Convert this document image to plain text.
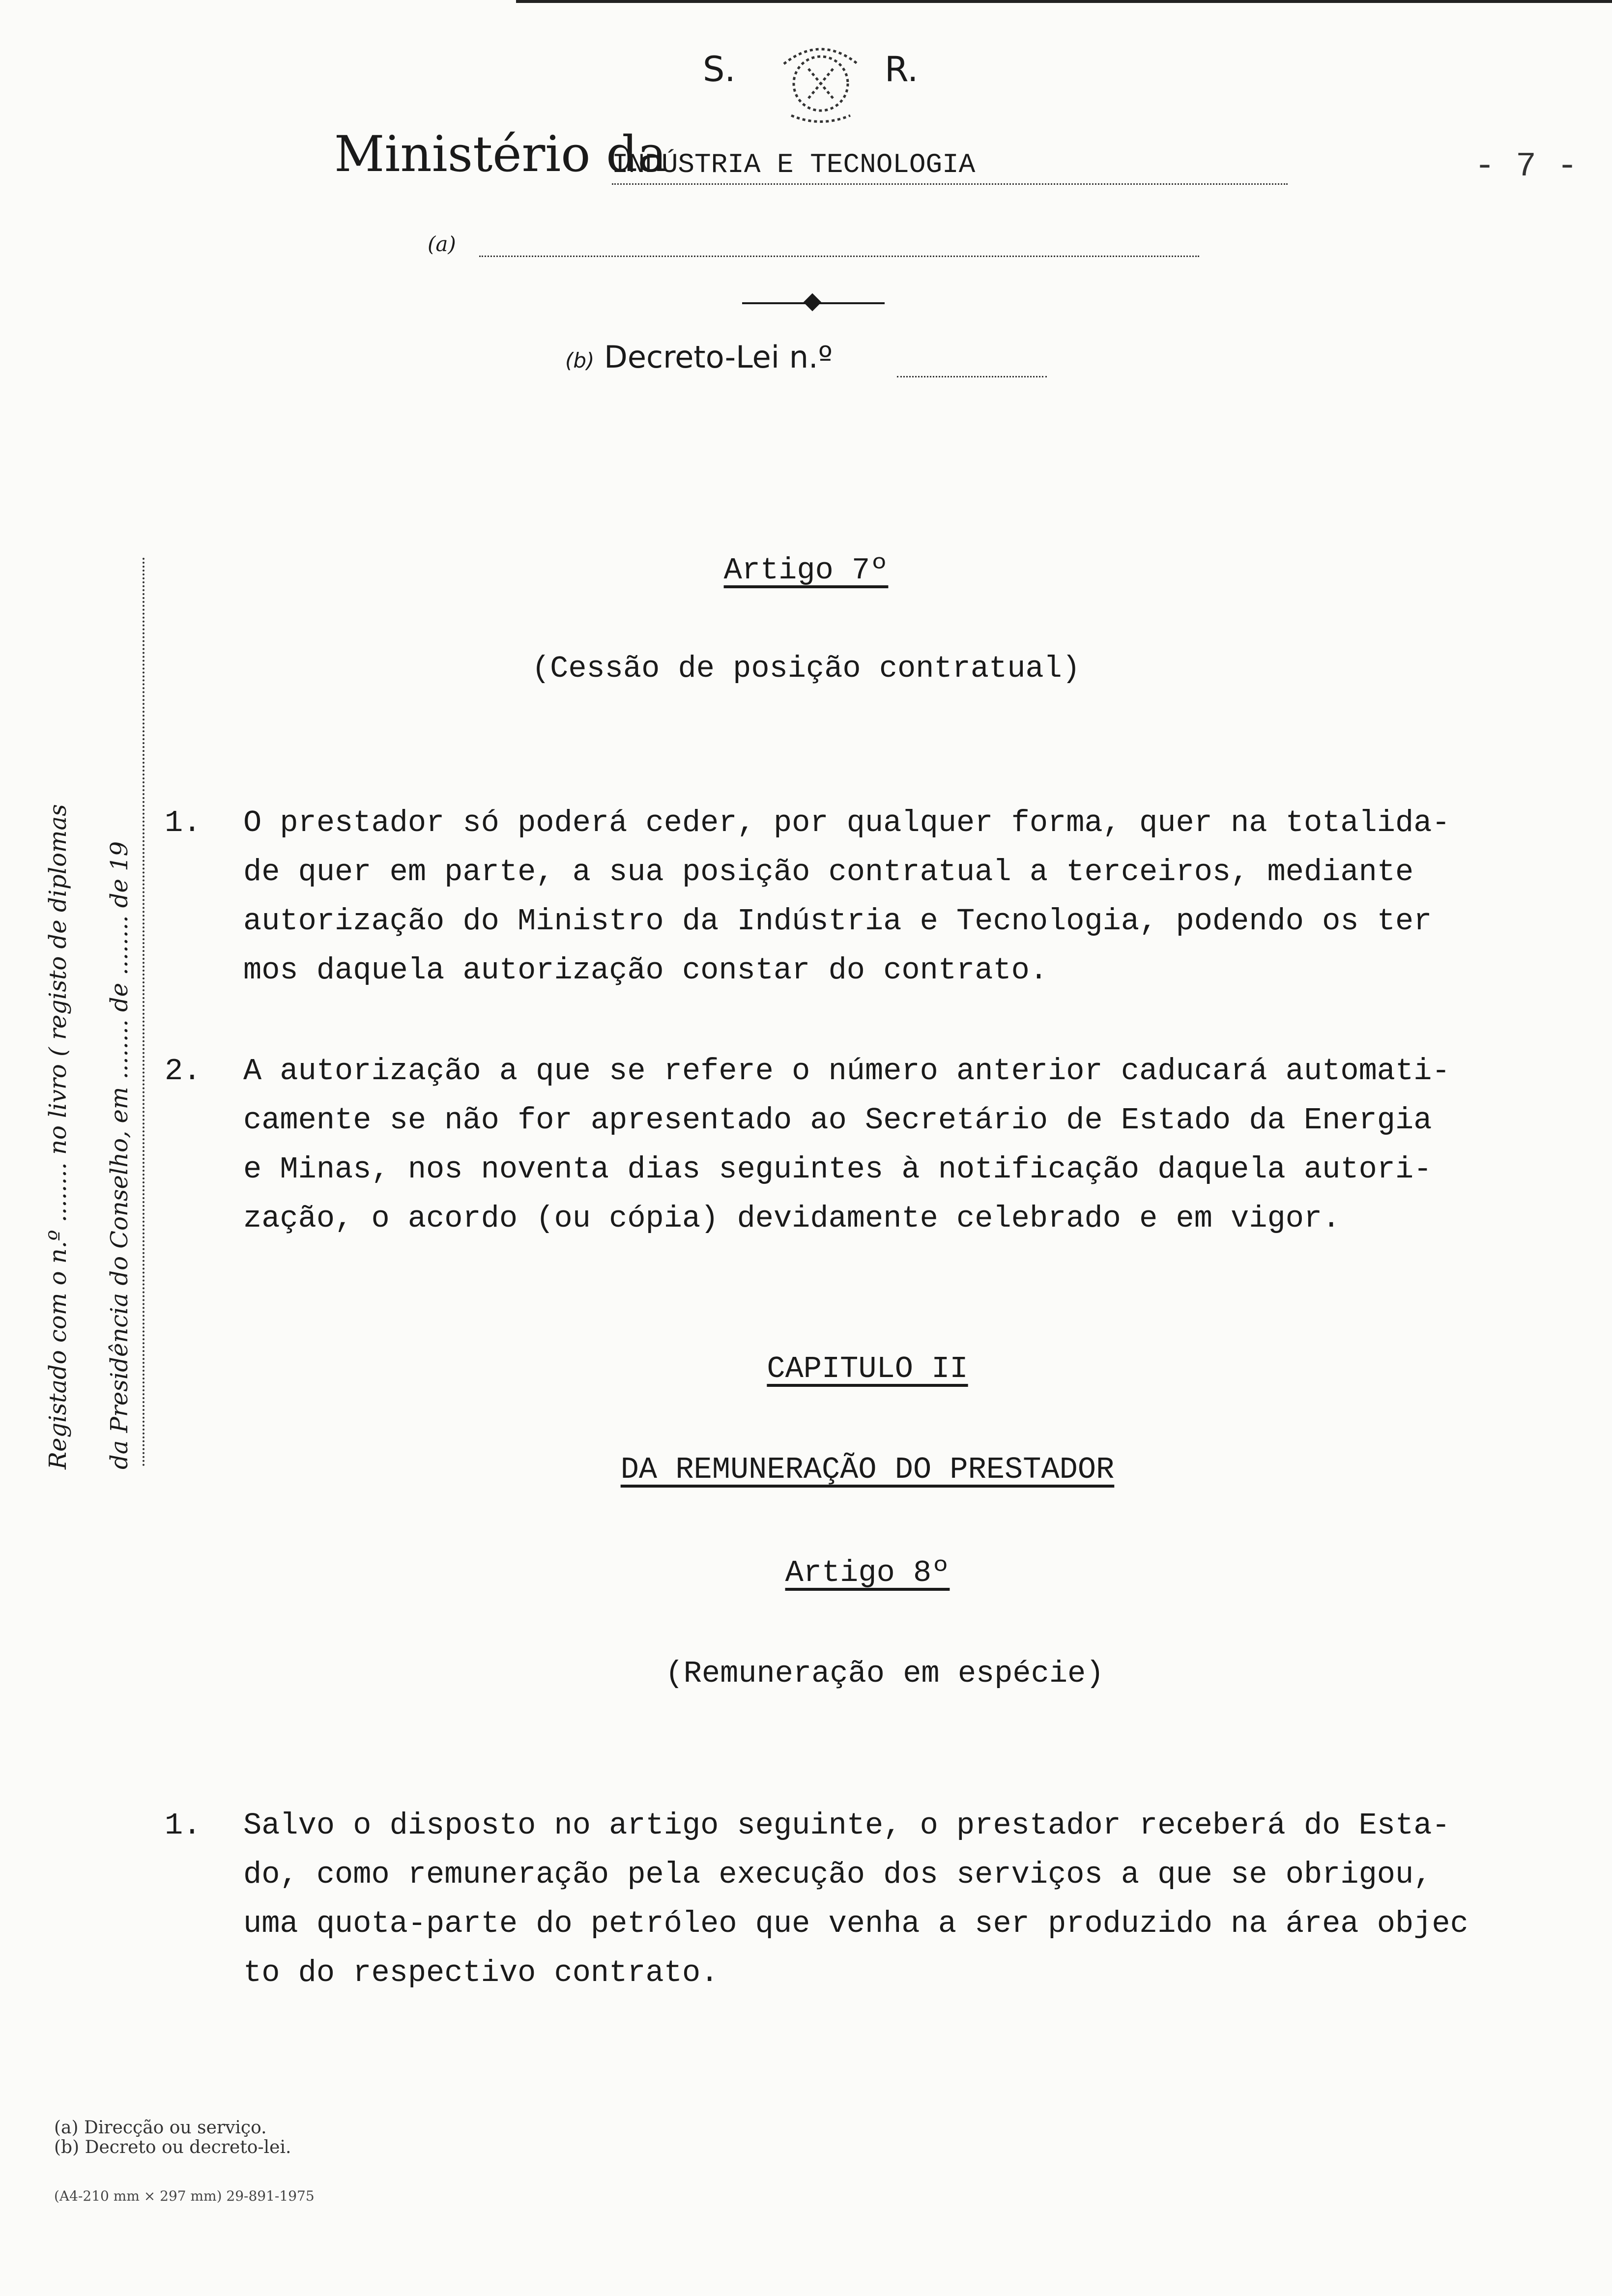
S.	R.
Ministério da
INDÚSTRIA E TECNOLOGIA	- 7 -
(a)
(b) Decreto-Lei n.º
Registado com o n.º ........ no livro ( registo de diplomas	da Presidência do Conselho, em ........ de ........ de 19
Artigo 7º
(Cessão de posição contratual)
1. O prestador só poderá ceder, por qualquer forma, quer na totalida-
de quer em parte, a sua posição contratual a terceiros, mediante
autorização do Ministro da Indústria e Tecnologia, podendo os ter
mos daquela autorização constar do contrato.
2. A autorização a que se refere o número anterior caducará automati-
camente se não for apresentado ao Secretário de Estado da Energia
e Minas, nos noventa dias seguintes à notificação daquela autori-
zação, o acordo (ou cópia) devidamente celebrado e em vigor.
CAPITULO II
DA REMUNERAÇÃO DO PRESTADOR
Artigo 8º
(Remuneração em espécie)
1. Salvo o disposto no artigo seguinte, o prestador receberá do Esta-
do, como remuneração pela execução dos serviços a que se obrigou,
uma quota-parte do petróleo que venha a ser produzido na área objec
to do respectivo contrato.
(a) Direcção ou serviço.
(b) Decreto ou decreto-lei.
(A4-210 mm × 297 mm) 29-891-1975
